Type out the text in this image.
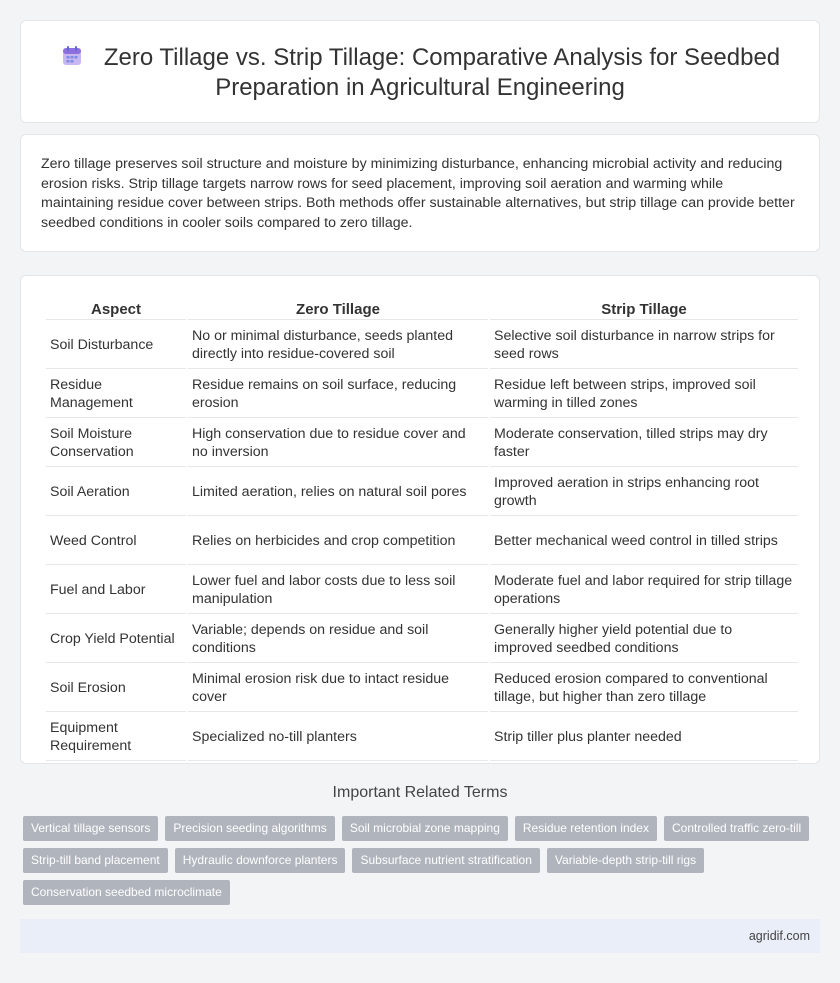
Zero Tillage vs. Strip Tillage: Comparative Analysis for Seedbed Preparation in Agricultural Engineering

Zero tillage preserves soil structure and moisture by minimizing disturbance, enhancing microbial activity and reducing erosion risks. Strip tillage targets narrow rows for seed placement, improving soil aeration and warming while maintaining residue cover between strips. Both methods offer sustainable alternatives, but strip tillage can provide better seedbed conditions in cooler soils compared to zero tillage.

Aspect	Zero Tillage	Strip Tillage
Soil Disturbance	No or minimal disturbance, seeds planted directly into residue-covered soil	Selective soil disturbance in narrow strips for seed rows
Residue Management	Residue remains on soil surface, reducing erosion	Residue left between strips, improved soil warming in tilled zones
Soil Moisture Conservation	High conservation due to residue cover and no inversion	Moderate conservation, tilled strips may dry faster
Soil Aeration	Limited aeration, relies on natural soil pores	Improved aeration in strips enhancing root growth
Weed Control	Relies on herbicides and crop competition	Better mechanical weed control in tilled strips
Fuel and Labor	Lower fuel and labor costs due to less soil manipulation	Moderate fuel and labor required for strip tillage operations
Crop Yield Potential	Variable; depends on residue and soil conditions	Generally higher yield potential due to improved seedbed conditions
Soil Erosion	Minimal erosion risk due to intact residue cover	Reduced erosion compared to conventional tillage, but higher than zero tillage
Equipment Requirement	Specialized no-till planters	Strip tiller plus planter needed
Important Related Terms
Vertical tillage sensors	Precision seeding algorithms	Soil microbial zone mapping	Residue retention index	Controlled traffic zero-till
Strip-till band placement	Hydraulic downforce planters	Subsurface nutrient stratification	Variable-depth strip-till rigs
Conservation seedbed microclimate
agridif.com
